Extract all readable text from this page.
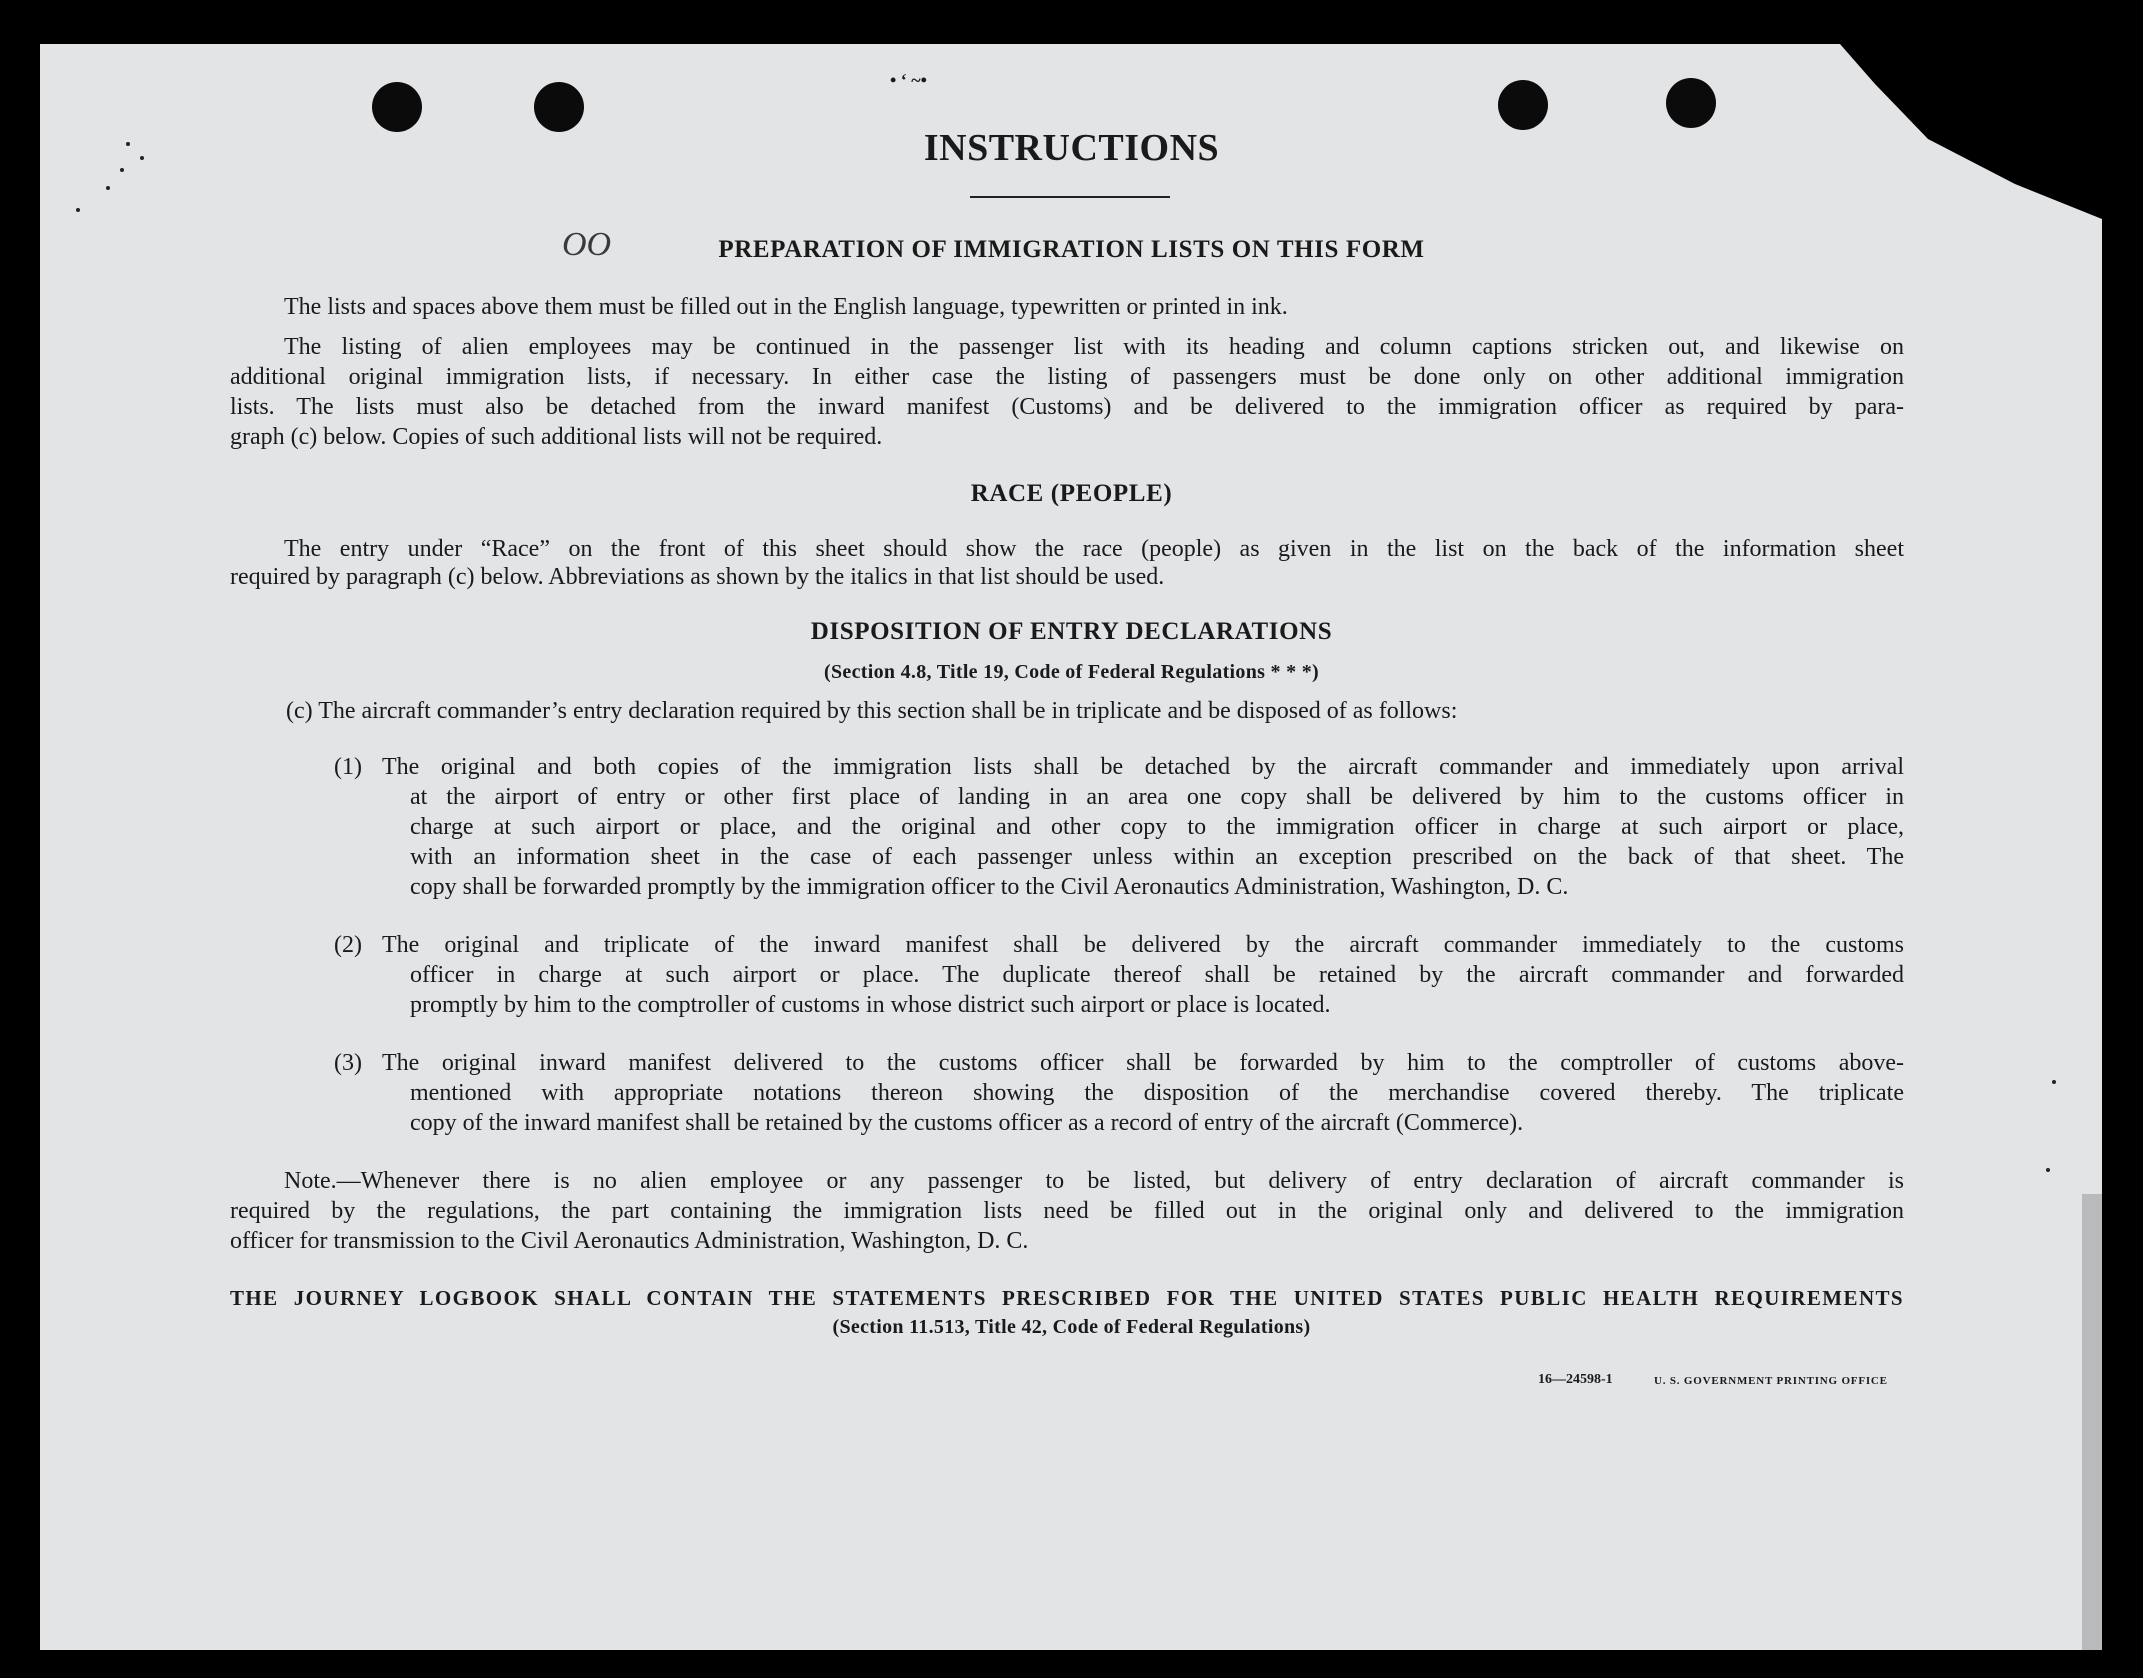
• ‘ ~•
INSTRUCTIONS
OO	PREPARATION OF IMMIGRATION LISTS ON THIS FORM
The lists and spaces above them must be filled out in the English language, typewritten or printed in ink.
The listing of alien employees may be continued in the passenger list with its heading and column captions stricken out, and likewise on
additional original immigration lists, if necessary. In either case the listing of passengers must be done only on other additional immigration
lists. The lists must also be detached from the inward manifest (Customs) and be delivered to the immigration officer as required by para-
graph (c) below. Copies of such additional lists will not be required.
RACE (PEOPLE)
The entry under “Race” on the front of this sheet should show the race (people) as given in the list on the back of the information sheet
required by paragraph (c) below. Abbreviations as shown by the italics in that list should be used.
DISPOSITION OF ENTRY DECLARATIONS
(Section 4.8, Title 19, Code of Federal Regulations * * *)
(c) The aircraft commander’s entry declaration required by this section shall be in triplicate and be disposed of as follows:
(1) The original and both copies of the immigration lists shall be detached by the aircraft commander and immediately upon arrival
at the airport of entry or other first place of landing in an area one copy shall be delivered by him to the customs officer in
charge at such airport or place, and the original and other copy to the immigration officer in charge at such airport or place,
with an information sheet in the case of each passenger unless within an exception prescribed on the back of that sheet. The
copy shall be forwarded promptly by the immigration officer to the Civil Aeronautics Administration, Washington, D. C.
(2) The original and triplicate of the inward manifest shall be delivered by the aircraft commander immediately to the customs
officer in charge at such airport or place. The duplicate thereof shall be retained by the aircraft commander and forwarded
promptly by him to the comptroller of customs in whose district such airport or place is located.
(3) The original inward manifest delivered to the customs officer shall be forwarded by him to the comptroller of customs above-
mentioned with appropriate notations thereon showing the disposition of the merchandise covered thereby. The triplicate
copy of the inward manifest shall be retained by the customs officer as a record of entry of the aircraft (Commerce).
Note.—Whenever there is no alien employee or any passenger to be listed, but delivery of entry declaration of aircraft commander is
required by the regulations, the part containing the immigration lists need be filled out in the original only and delivered to the immigration
officer for transmission to the Civil Aeronautics Administration, Washington, D. C.
THE JOURNEY LOGBOOK SHALL CONTAIN THE STATEMENTS PRESCRIBED FOR THE UNITED STATES PUBLIC HEALTH REQUIREMENTS
(Section 11.513, Title 42, Code of Federal Regulations)
16—24598-1	U. S. GOVERNMENT PRINTING OFFICE
